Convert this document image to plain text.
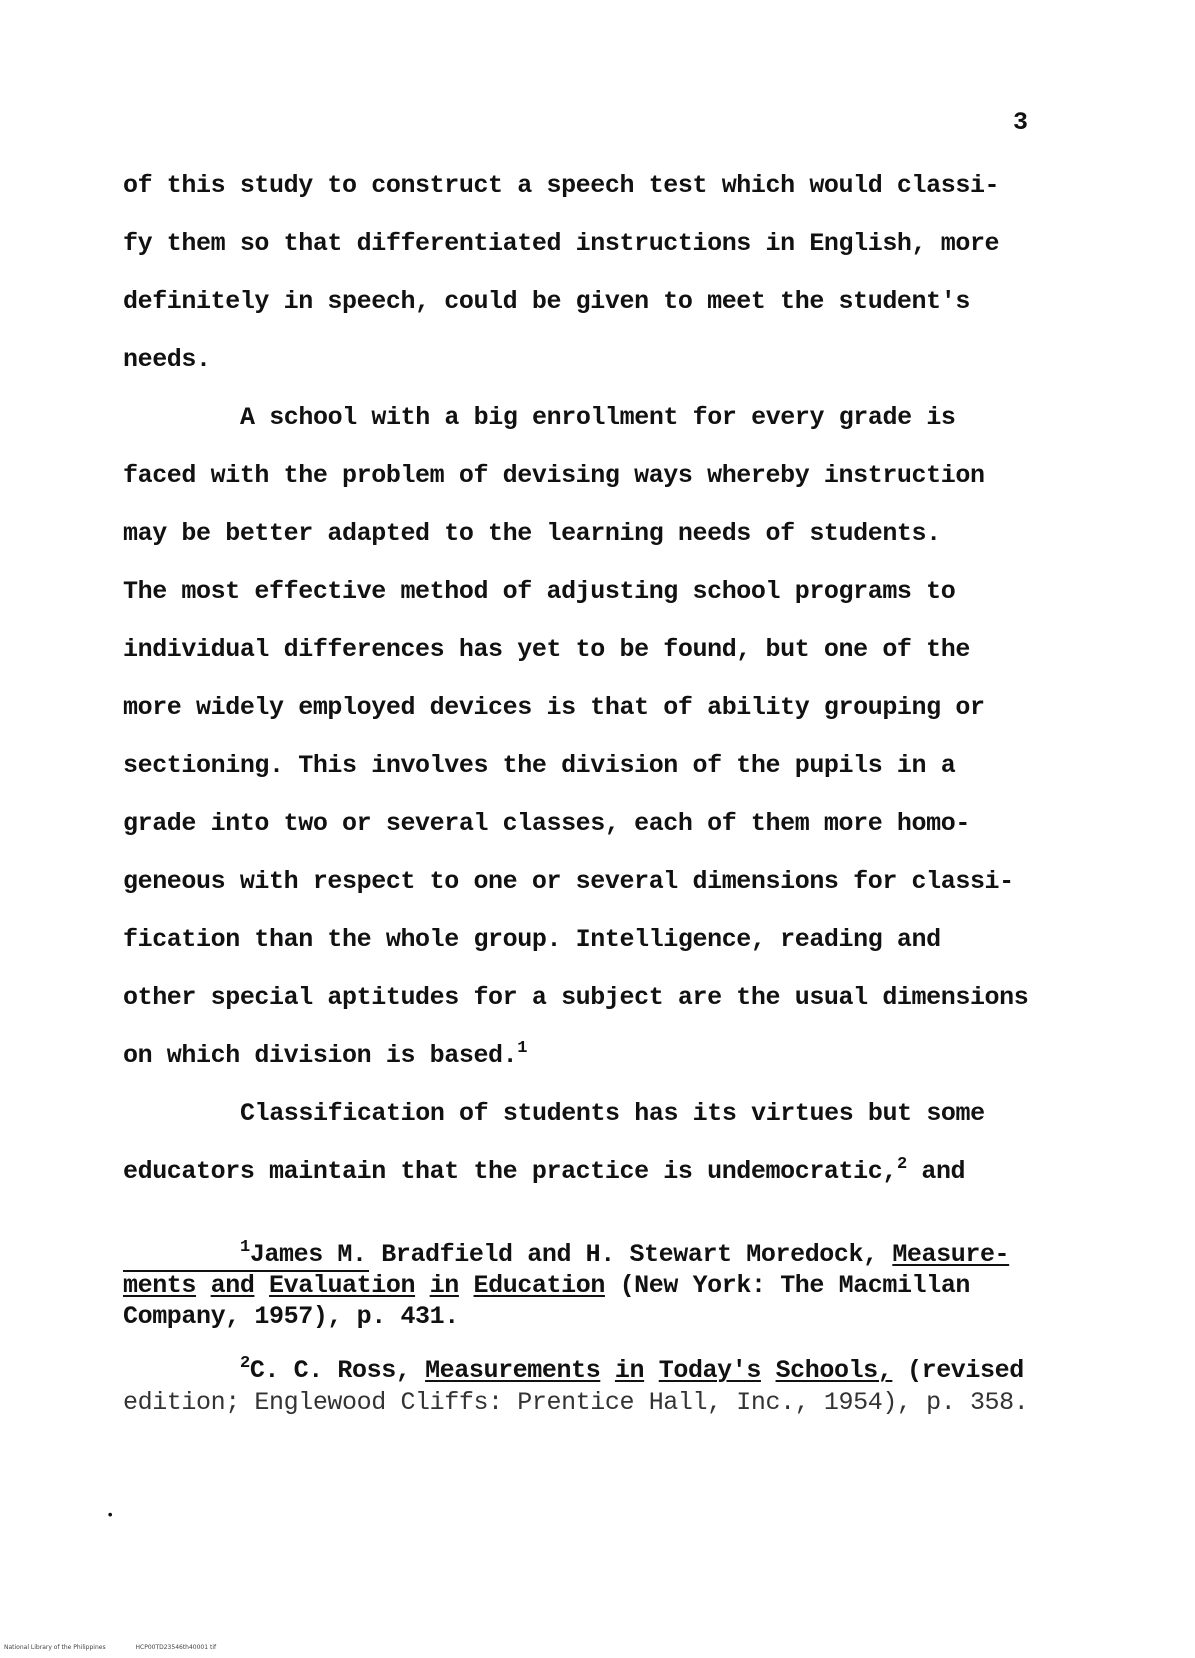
3
of this study to construct a speech test which would classi-
fy them so that differentiated instructions in English, more
definitely in speech, could be given to meet the student's
needs.
A school with a big enrollment for every grade is
faced with the problem of devising ways whereby instruction
may be better adapted to the learning needs of students.
The most effective method of adjusting school programs to
individual differences has yet to be found, but one of the
more widely employed devices is that of ability grouping or
sectioning. This involves the division of the pupils in a
grade into two or several classes, each of them more homo-
geneous with respect to one or several dimensions for classi-
fication than the whole group. Intelligence, reading and
other special aptitudes for a subject are the usual dimensions
on which division is based.$^1$
Classification of students has its virtues but some
educators maintain that the practice is undemocratic,$^2$ and
$^1$James M. Bradfield and H. Stewart Moredock, Measure-
ments and Evaluation in Education (New York: The Macmillan
Company, 1957), p. 431.
$^2$C. C. Ross, Measurements in Today's Schools, (revised
•
edition; Englewood Cliffs: Prentice Hall, Inc., 1954), p. 358.
National Library of the Philippines	HCP00TD23546th40001 tif
